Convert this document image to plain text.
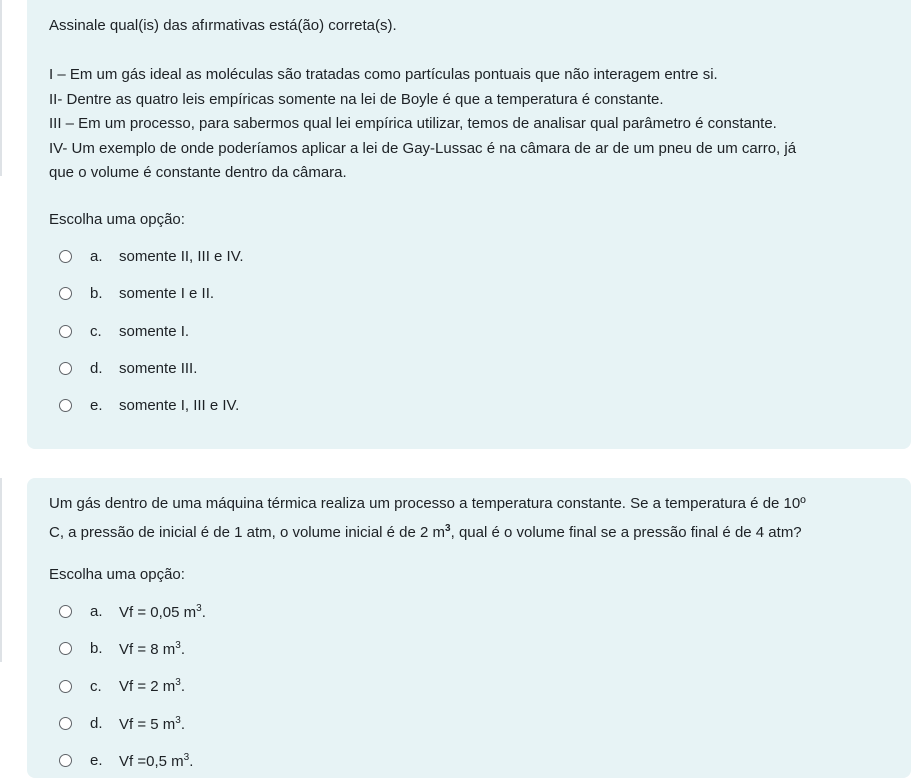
Assinale qual(is) das afırmativas está(ão) correta(s).

I – Em um gás ideal as moléculas são tratadas como partículas pontuais que não interagem entre si.

II- Dentre as quatro leis empíricas somente na lei de Boyle é que a temperatura é constante.

III – Em um processo, para sabermos qual lei empírica utilizar, temos de analisar qual parâmetro é constante.

IV- Um exemplo de onde poderíamos aplicar a lei de Gay-Lussac é na câmara de ar de um pneu de um carro, já

que o volume é constante dentro da câmara.

Escolha uma opção:

a.	somente II, III e IV.
b.	somente I e II.
c.	somente I.
d.	somente III.
e.	somente I, III e IV.

Um gás dentro de uma máquina térmica realiza um processo a temperatura constante. Se a temperatura é de 10º

C, a pressão de inicial é de 1 atm, o volume inicial é de 2 $m^3$, qual é o volume final se a pressão final é de 4 atm?

Escolha uma opção:

a.	Vf = 0,05 $m^3$.
b.	Vf = 8 $m^3$.
c.	Vf = 2 $m^3$.
d.	Vf = 5 $m^3$.
e.	Vf =0,5 $m^3$.
